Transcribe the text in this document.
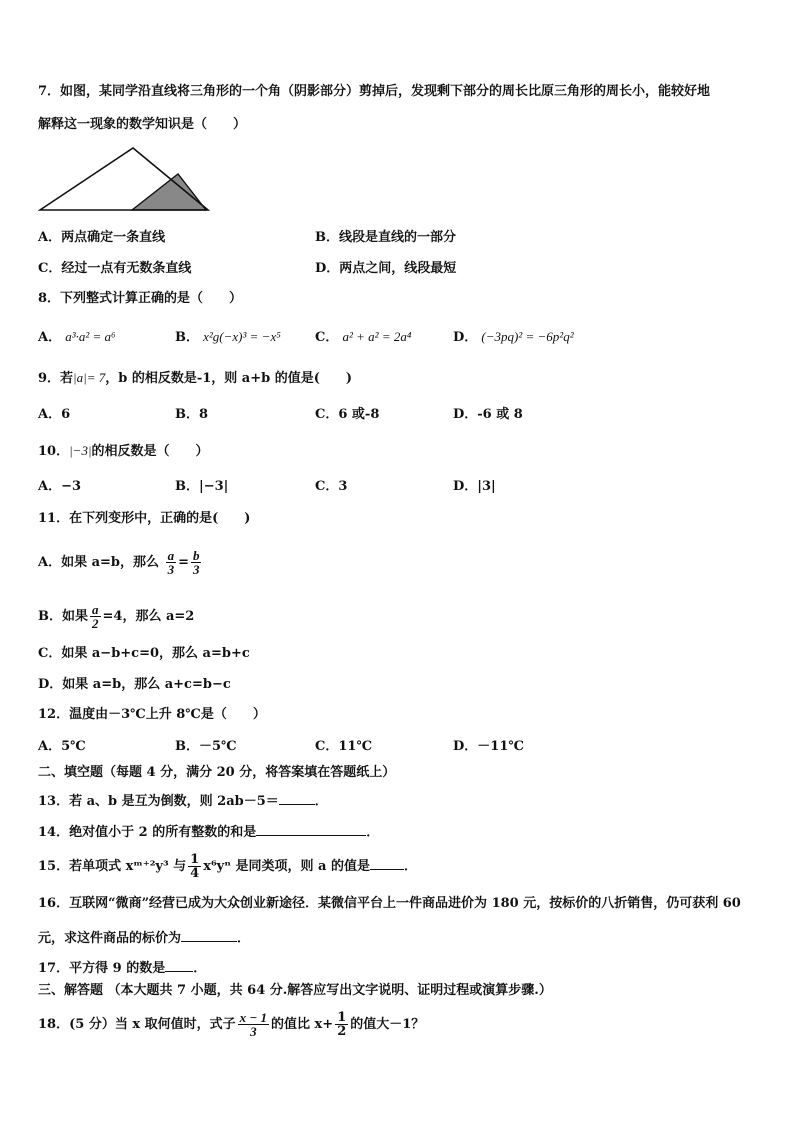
7．如图，某同学沿直线将三角形的一个角（阴影部分）剪掉后，发现剩下部分的周长比原三角形的周长小，能较好地
解释这一现象的数学知识是（　　）
A．两点确定一条直线	B．线段是直线的一部分
C．经过一点有无数条直线	D．两点之间，线段最短
8．下列整式计算正确的是（　　）
A． a³·a² = a⁶	B． x²g(−x)³ = −x⁵	C． a² + a² = 2a⁴	D． (−3pq)² = −6p²q²
9．若|a|= 7，b 的相反数是-1，则 a+b 的值是(　　)
A．6	B．8	C．6 或-8	D．-6 或 8
10．|−3|的相反数是（　　）
A．−3	B．|−3|	C．3	D．|3|
11．在下列变形中，正确的是(　　)
A．如果 a=b，那么 $\frac{a}{3} = \frac{b}{3}$
B．如果 $\frac{a}{2} =4$，那么 a=2
C．如果 a−b+c=0，那么 a=b+c
D．如果 a=b，那么 a+c=b−c
12．温度由－3℃上升 8℃是（　　）
A．5℃	B．－5℃	C．11℃	D．－11℃
二、填空题（每题 4 分，满分 20 分，将答案填在答题纸上）
13．若 a、b 是互为倒数，则 2ab－5＝	．
14．绝对值小于 2 的所有整数的和是	．
15．若单项式 xᵐ⁺²y³ 与 $\frac{1}{4} x^6y^n$ 是同类项，则 a 的值是	．
16．互联网“微商”经营已成为大众创业新途径．某微信平台上一件商品进价为 180 元，按标价的八折销售，仍可获利 60
元，求这件商品的标价为	．
17．平方得 9 的数是 ．
三、解答题 （本大题共 7 小题，共 64 分.解答应写出文字说明、证明过程或演算步骤.）
18．(5 分）当 x 取何值时，式子 $\frac{x - 1}{3}$ 的值比 $x+ \frac{1}{2}$ 的值大－1？
